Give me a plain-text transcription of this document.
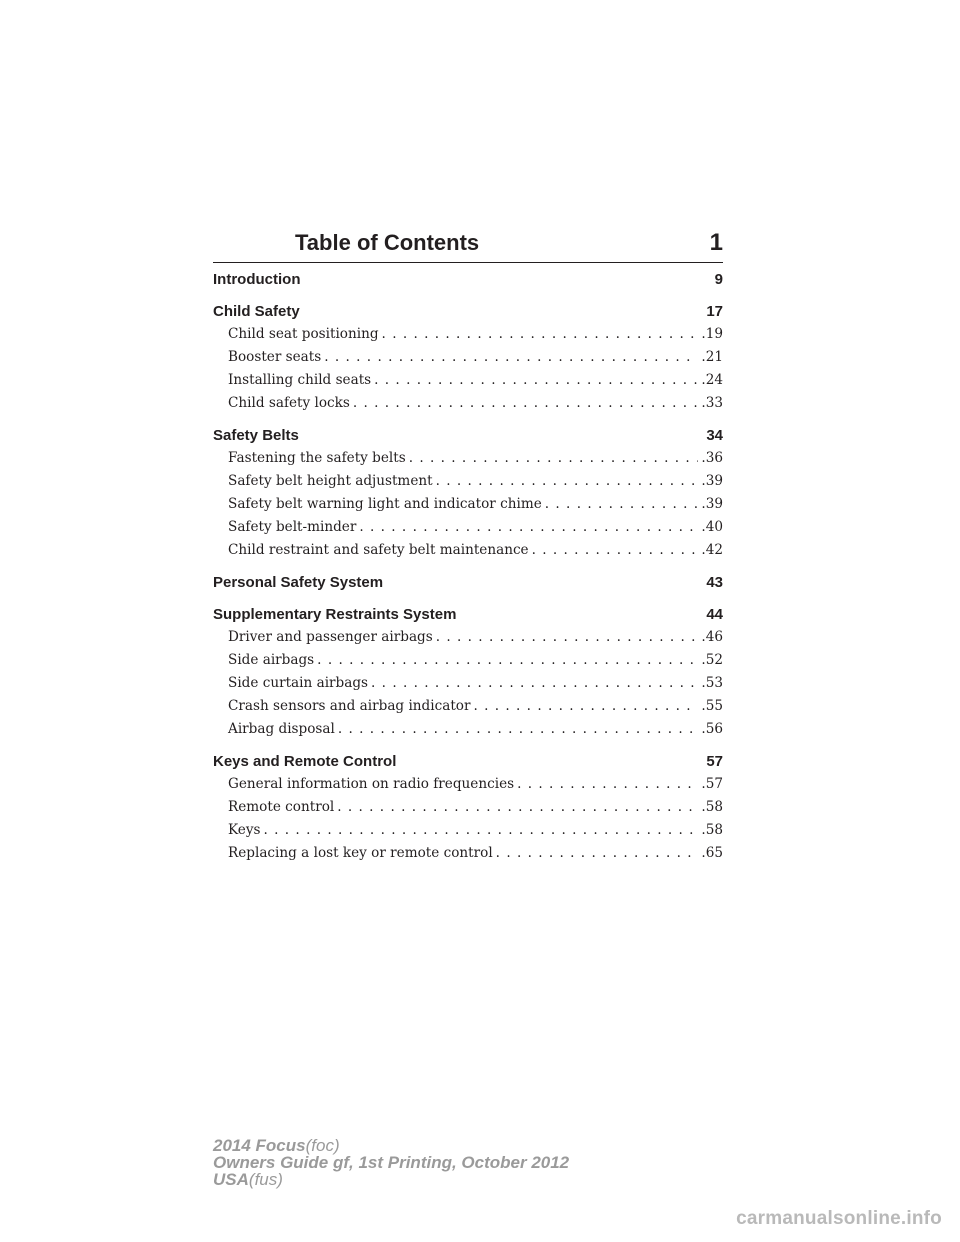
Table of Contents	1
Introduction	9
Child Safety	17
Child seat positioning . . .	.19
Booster seats . . .	.21
Installing child seats . . .	.24
Child safety locks . . .	.33
Safety Belts	34
Fastening the safety belts . . .	.36
Safety belt height adjustment . . .	.39
Safety belt warning light and indicator chime . . .	.39
Safety belt-minder . . .	.40
Child restraint and safety belt maintenance . . .	.42
Personal Safety System	43
Supplementary Restraints System	44
Driver and passenger airbags . . .	.46
Side airbags . . .	.52
Side curtain airbags . . .	.53
Crash sensors and airbag indicator . . .	.55
Airbag disposal . . .	.56
Keys and Remote Control	57
General information on radio frequencies . . .	.57
Remote control . . .	.58
Keys . . .	.58
Replacing a lost key or remote control . . .	.65
2014 Focus(foc)
Owners Guide gf, 1st Printing, October 2012
USA(fus)
carmanualsonline.info
